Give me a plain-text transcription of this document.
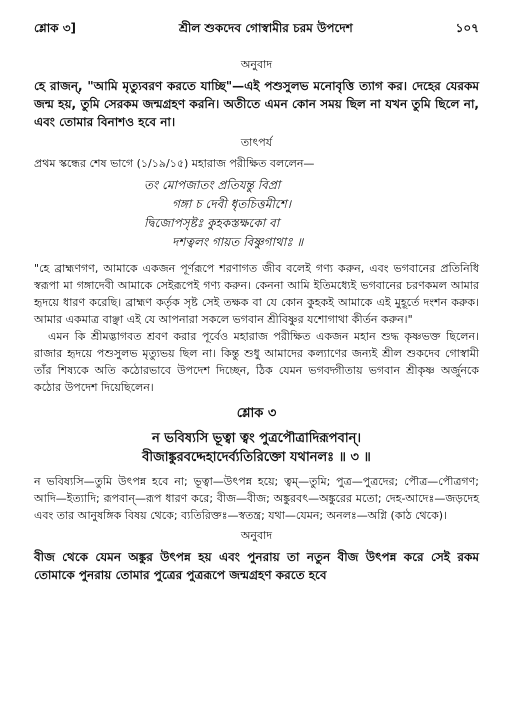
শ্লোক ৩]	শ্রীল শুকদেব গোস্বামীর চরম উপদেশ	১০৭
অনুবাদ

হে রাজন্, "আমি মৃত্যুবরণ করতে যাচ্ছি"—এই পশুসুলভ মনোবৃত্তি ত্যাগ কর। দেহের যেরকম জন্ম হয়, তুমি সেরকম জন্মগ্রহণ করনি। অতীতে এমন কোন সময় ছিল না যখন তুমি ছিলে না, এবং তোমার বিনাশও হবে না।

তাৎপর্য

প্রথম স্কন্ধের শেষ ভাগে (১/১৯/১৫) মহারাজ পরীক্ষিত বললেন—

তং মোপজাতং প্রতিযন্তু বিপ্রা
গঙ্গা চ দেবী ধৃতচিত্তমীশে।
দ্বিজোপসৃষ্টঃ কুহকস্তক্ষকো বা
দশত্বলং গায়ত বিষ্ণুগাথাঃ ॥

"হে ব্রাহ্মণগণ, আমাকে একজন পূর্ণরূপে শরণাগত জীব বলেই গণ্য করুন, এবং ভগবানের প্রতিনিধি স্বরূপা মা গঙ্গাদেবী আমাকে সেইরূপেই গণ্য করুন। কেননা আমি ইতিমধ্যেই ভগবানের চরণকমল আমার হৃদয়ে ধারণ করেছি। ব্রাহ্মণ কর্তৃক সৃষ্ট সেই তক্ষক বা যে কোন কুহকই আমাকে এই মুহূর্তে দংশন করুক। আমার একমাত্র বাঞ্ছা এই যে আপনারা সকলে ভগবান শ্রীবিষ্ণুর যশোগাথা কীর্তন করুন।"

এমন কি শ্রীমদ্ভাগবত শ্রবণ করার পূর্বেও মহারাজ পরীক্ষিত একজন মহান শুদ্ধ কৃষ্ণভক্ত ছিলেন। রাজার হৃদয়ে পশুসুলভ মৃত্যুভয় ছিল না। কিন্তু শুধু আমাদের কল্যাণের জন্যই শ্রীল শুকদেব গোস্বামী তাঁর শিষ্যকে অতি কঠোরভাবে উপদেশ দিচ্ছেন, ঠিক যেমন ভগবদ্গীতায় ভগবান শ্রীকৃষ্ণ অর্জুনকে কঠোর উপদেশ দিয়েছিলেন।

শ্লোক ৩
ন ভবিষ্যসি ভূত্বা ত্বং পুত্রপৌত্রাদিরূপবান্।
বীজাঙ্কুরবদ্দেহাদের্ব্যতিরিক্তো যথানলঃ ॥ ৩ ॥

ন ভবিষ্যসি—তুমি উৎপন্ন হবে না; ভূত্বা—উৎপন্ন হয়ে; ত্বম্—তুমি; পুত্র—পুত্রদের; পৌত্র—পৌত্রগণ; আদি—ইত্যাদি; রূপবান্—রূপ ধারণ করে; বীজ—বীজ; অঙ্কুরবৎ—অঙ্কুরের মতো; দেহ-আদেঃ—জড়দেহ এবং তার আনুষঙ্গিক বিষয় থেকে; ব্যতিরিক্তঃ—স্বতন্ত্র; যথা—যেমন; অনলঃ—অগ্নি (কাঠ থেকে)।

অনুবাদ

বীজ থেকে যেমন অঙ্কুর উৎপন্ন হয় এবং পুনরায় তা নতুন বীজ উৎপন্ন করে সেই রকম তোমাকে পুনরায় তোমার পুত্রের পুত্ররূপে জন্মগ্রহণ করতে হবে
